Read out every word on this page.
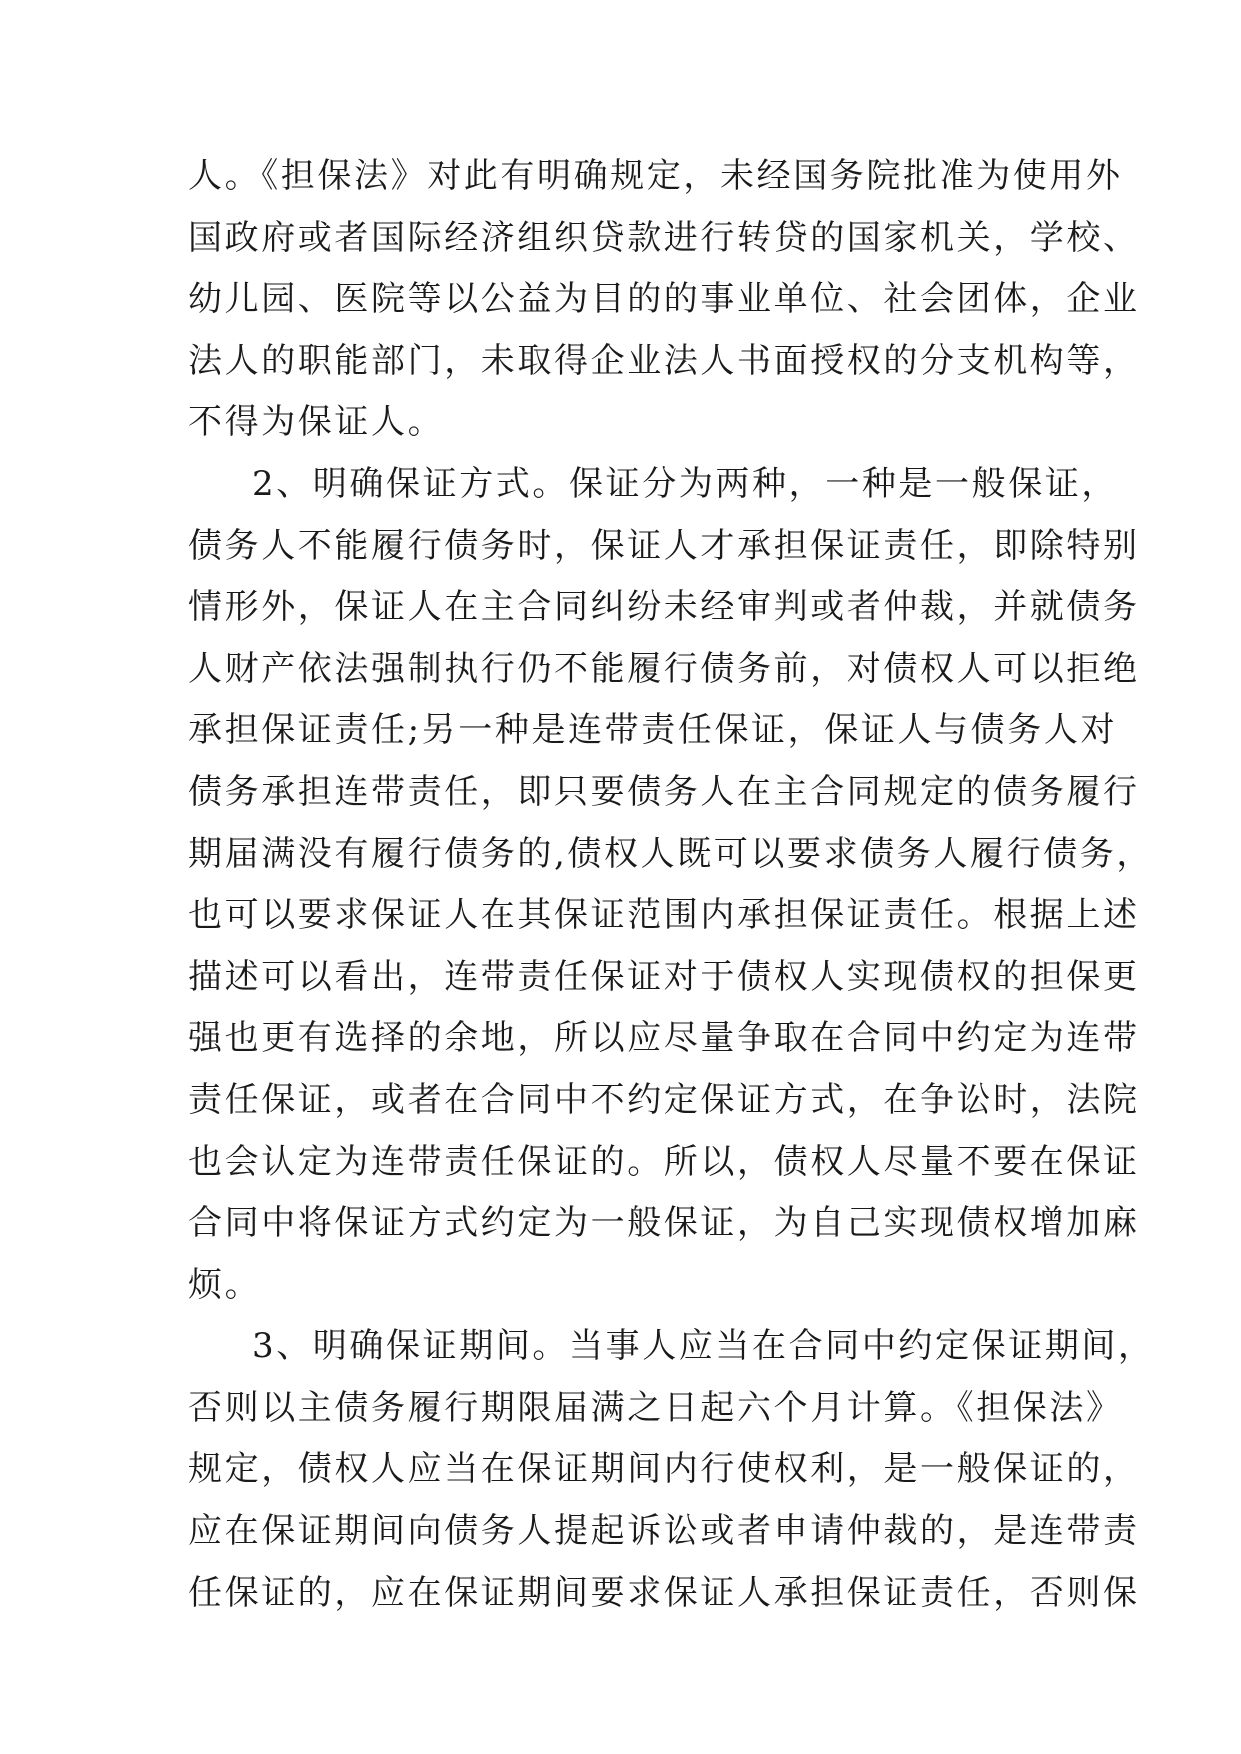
人。《担保法》对此有明确规定，未经国务院批准为使用外
国政府或者国际经济组织贷款进行转贷的国家机关，学校、
幼儿园、医院等以公益为目的的事业单位、社会团体，企业
法人的职能部门，未取得企业法人书面授权的分支机构等，
不得为保证人。
2、明确保证方式。保证分为两种，一种是一般保证，
债务人不能履行债务时，保证人才承担保证责任，即除特别
情形外，保证人在主合同纠纷未经审判或者仲裁，并就债务
人财产依法强制执行仍不能履行债务前，对债权人可以拒绝
承担保证责任;另一种是连带责任保证，保证人与债务人对
债务承担连带责任，即只要债务人在主合同规定的债务履行
期届满没有履行债务的,债权人既可以要求债务人履行债务，
也可以要求保证人在其保证范围内承担保证责任。根据上述
描述可以看出，连带责任保证对于债权人实现债权的担保更
强也更有选择的余地，所以应尽量争取在合同中约定为连带
责任保证，或者在合同中不约定保证方式，在争讼时，法院
也会认定为连带责任保证的。所以，债权人尽量不要在保证
合同中将保证方式约定为一般保证，为自己实现债权增加麻
烦。
3、明确保证期间。当事人应当在合同中约定保证期间，
否则以主债务履行期限届满之日起六个月计算。《担保法》
规定，债权人应当在保证期间内行使权利，是一般保证的，
应在保证期间向债务人提起诉讼或者申请仲裁的，是连带责
任保证的，应在保证期间要求保证人承担保证责任，否则保
